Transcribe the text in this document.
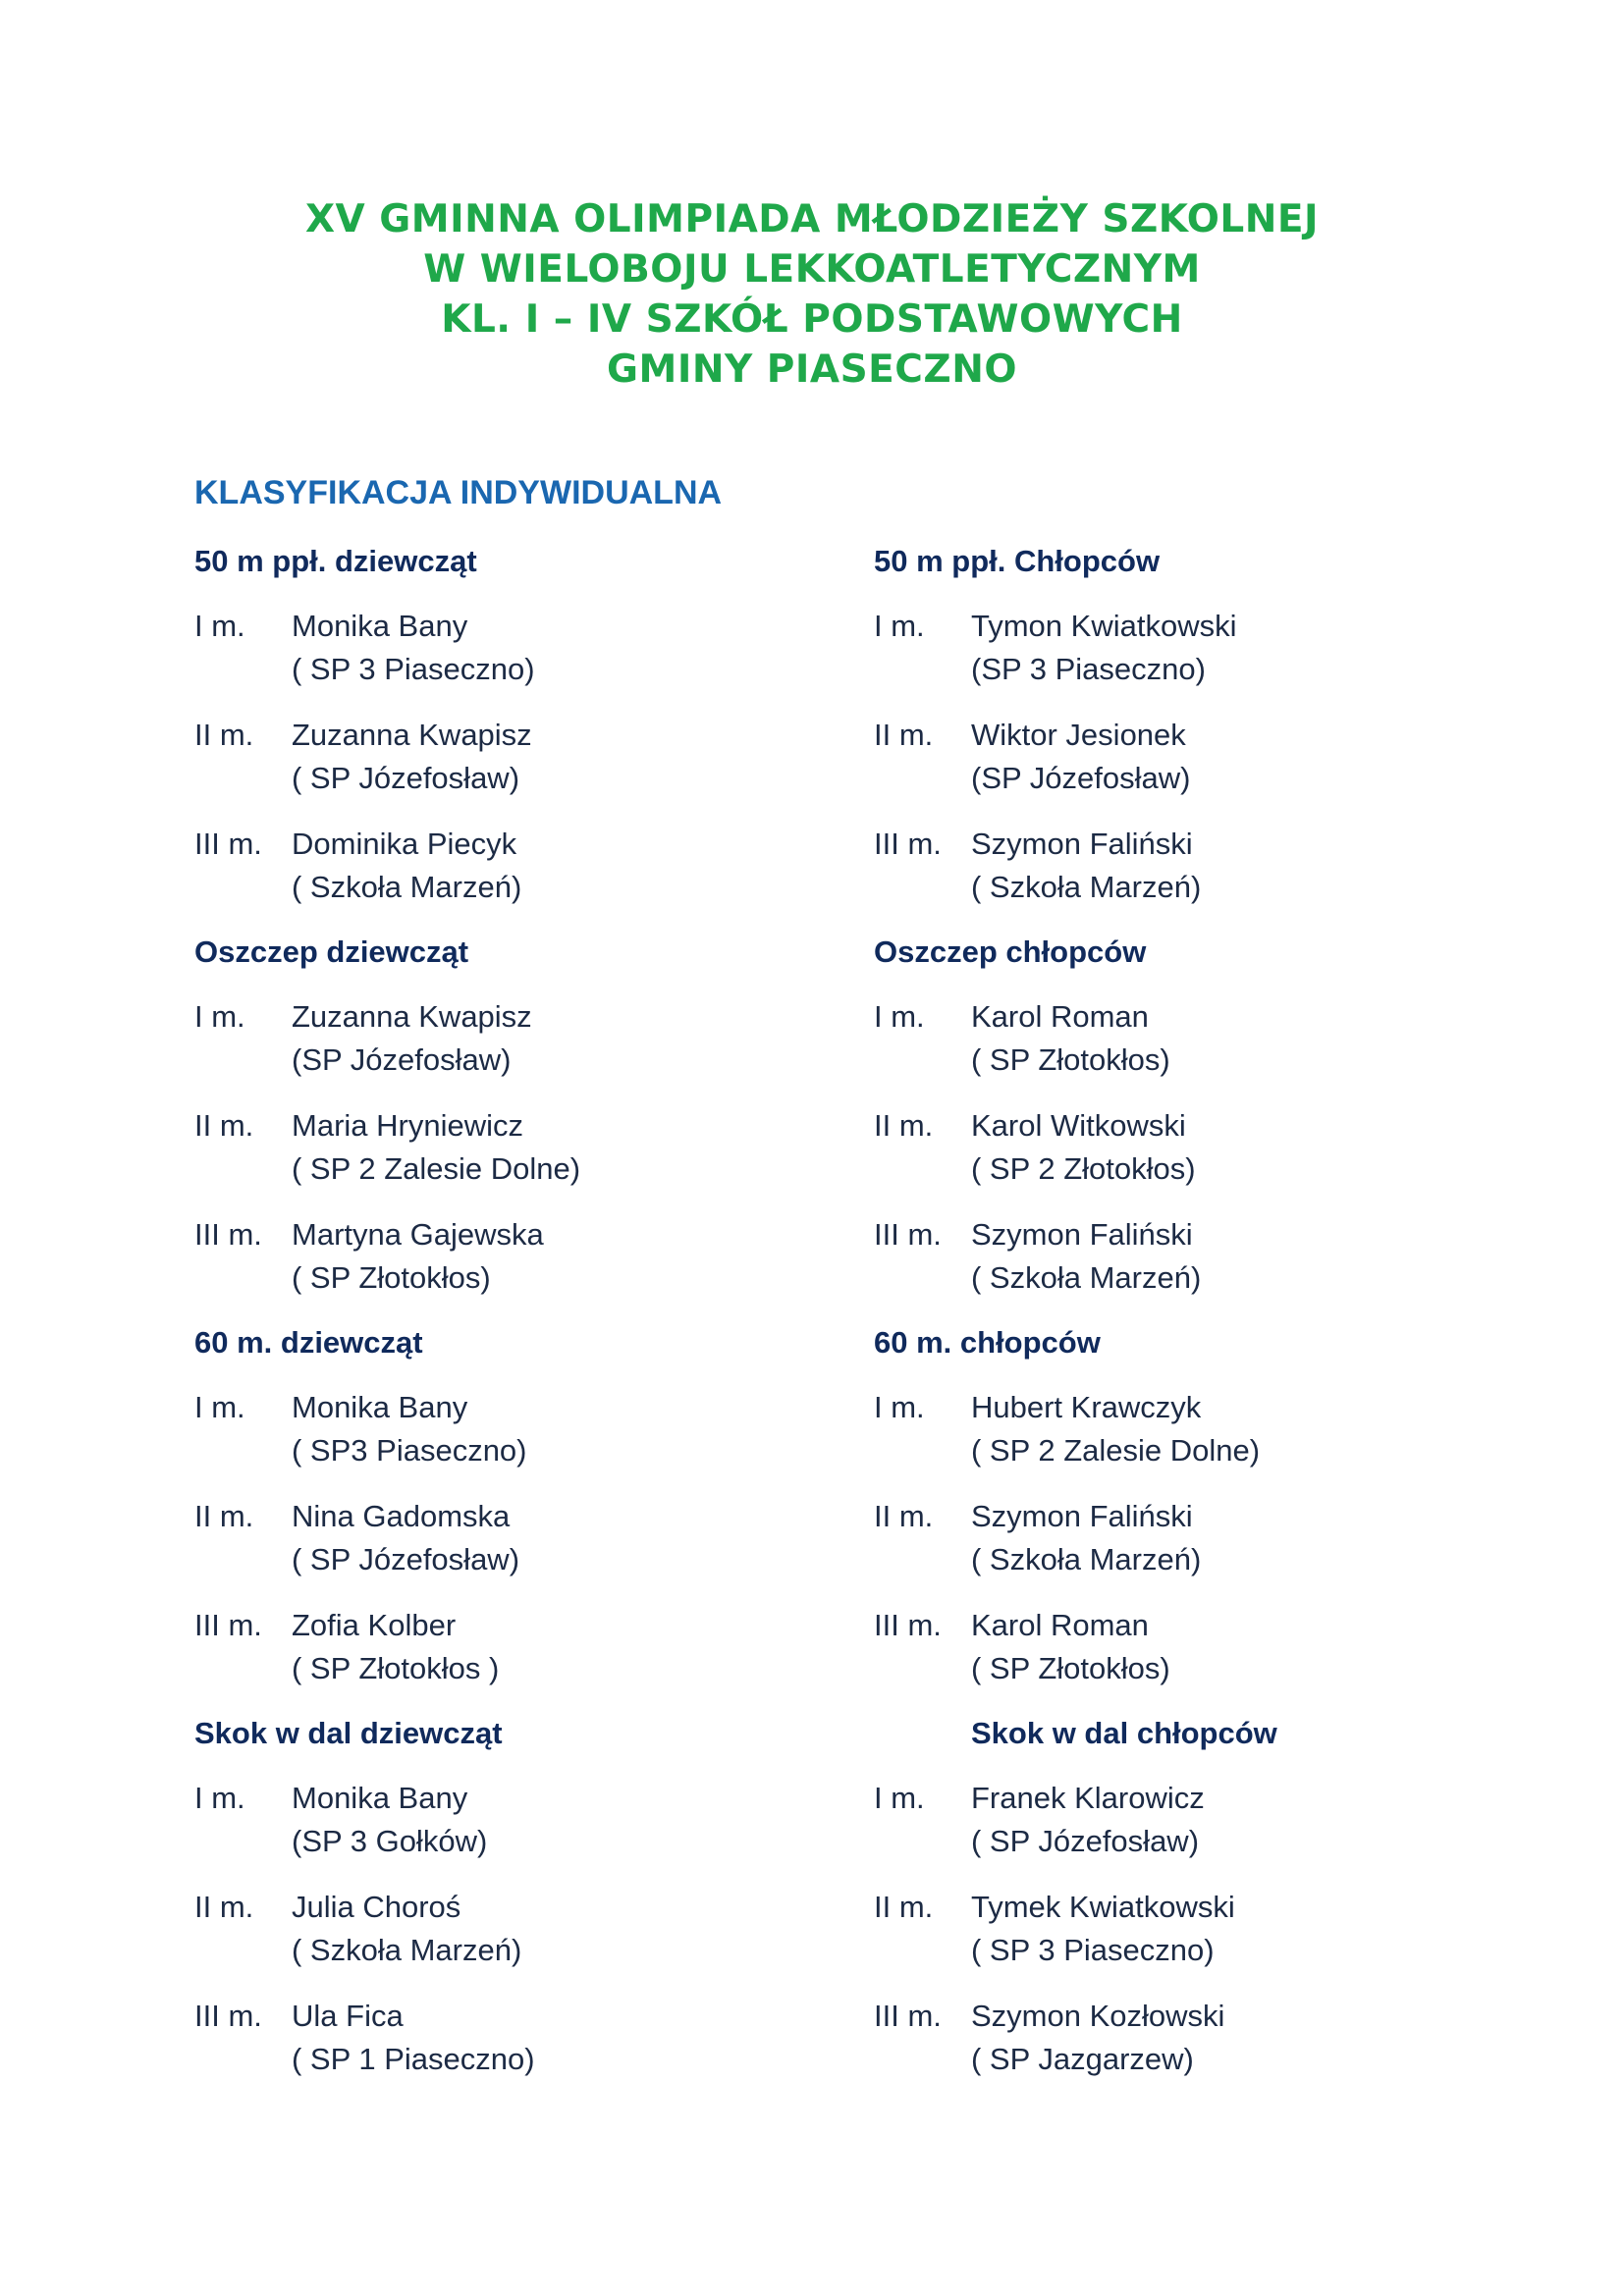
XV GMINNA OLIMPIADA MŁODZIEŻY SZKOLNEJ
W WIELOBOJU LEKKOATLETYCZNYM
KL. I – IV SZKÓŁ PODSTAWOWYCH
GMINY PIASECZNO
KLASYFIKACJA INDYWIDUALNA
50 m ppł. dziewcząt
I m. Monika Bany
( SP 3 Piaseczno)
II m. Zuzanna Kwapisz
( SP Józefosław)
III m. Dominika Piecyk
( Szkoła Marzeń)
Oszczep dziewcząt
I m. Zuzanna Kwapisz
(SP Józefosław)
II m. Maria Hryniewicz
( SP 2 Zalesie Dolne)
III m. Martyna Gajewska
( SP Złotokłos)
60 m. dziewcząt
I m. Monika Bany
( SP3 Piaseczno)
II m. Nina Gadomska
( SP Józefosław)
III m. Zofia Kolber
( SP Złotokłos )
Skok w dal dziewcząt
I m. Monika Bany
(SP 3 Gołków)
II m. Julia Choroś
( Szkoła Marzeń)
III m. Ula Fica
( SP 1 Piaseczno)
50 m ppł. Chłopców
I m. Tymon Kwiatkowski
(SP 3 Piaseczno)
II m. Wiktor Jesionek
(SP Józefosław)
III m. Szymon Faliński
( Szkoła Marzeń)
Oszczep chłopców
I m. Karol Roman
( SP Złotokłos)
II m. Karol Witkowski
( SP 2 Złotokłos)
III m. Szymon Faliński
( Szkoła Marzeń)
60 m. chłopców
I m. Hubert Krawczyk
( SP 2 Zalesie Dolne)
II m. Szymon Faliński
( Szkoła Marzeń)
III m. Karol Roman
( SP Złotokłos)
Skok w dal chłopców
I m. Franek Klarowicz
( SP Józefosław)
II m. Tymek Kwiatkowski
( SP 3 Piaseczno)
III m. Szymon Kozłowski
( SP Jazgarzew)
